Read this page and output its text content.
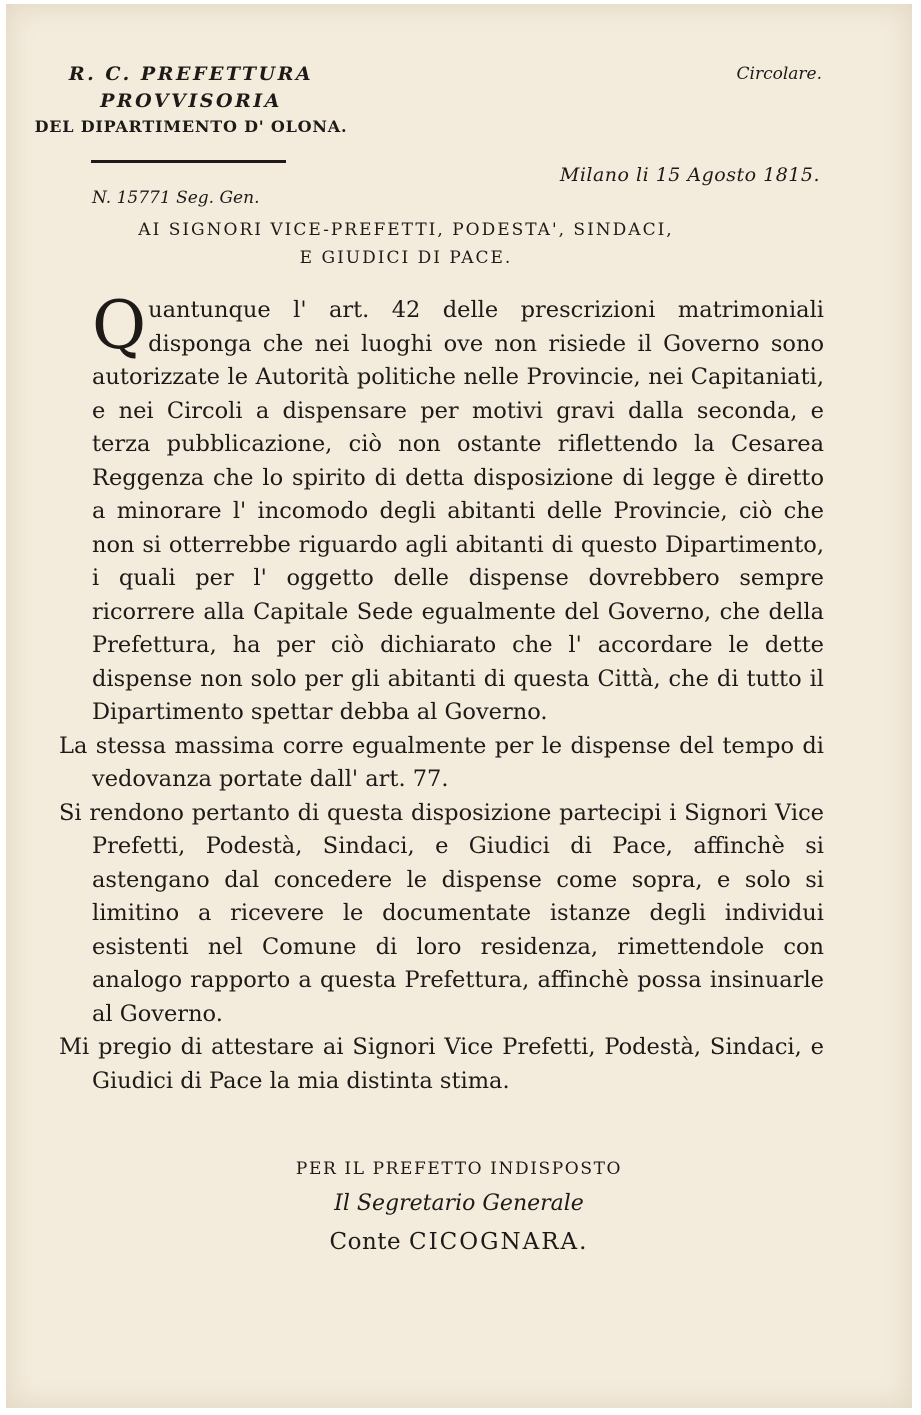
R. C. PREFETTURA
PROVVISORIA
DEL DIPARTIMENTO D' OLONA.
Circolare.
Milano li 15 Agosto 1815.
N. 15771 Seg. Gen.
AI SIGNORI VICE-PREFETTI, PODESTA', SINDACI,
E GIUDICI DI PACE.

Quantunque l' art. 42 delle prescrizioni matrimoniali disponga che nei luoghi ove non risiede il Governo sono autorizzate le Autorità politiche nelle Provincie, nei Capitaniati, e nei Circoli a dispensare per motivi gravi dalla seconda, e terza pubblicazione, ciò non ostante riflettendo la Cesarea Reggenza che lo spirito di detta disposizione di legge è diretto a minorare l' incomodo degli abitanti delle Provincie, ciò che non si otterrebbe riguardo agli abitanti di questo Dipartimento, i quali per l' oggetto delle dispense dovrebbero sempre ricorrere alla Capitale Sede egualmente del Governo, che della Prefettura, ha per ciò dichiarato che l' accordare le dette dispense non solo per gli abitanti di questa Città, che di tutto il Dipartimento spettar debba al Governo.

La stessa massima corre egualmente per le dispense del tempo di vedovanza portate dall' art. 77.

Si rendono pertanto di questa disposizione partecipi i Signori Vice Prefetti, Podestà, Sindaci, e Giudici di Pace, affinchè si astengano dal concedere le dispense come sopra, e solo si limitino a ricevere le documentate istanze degli individui esistenti nel Comune di loro residenza, rimettendole con analogo rapporto a questa Prefettura, affinchè possa insinuarle al Governo.

Mi pregio di attestare ai Signori Vice Prefetti, Podestà, Sindaci, e Giudici di Pace la mia distinta stima.

PER IL PREFETTO INDISPOSTO
Il Segretario Generale
Conte CICOGNARA.
